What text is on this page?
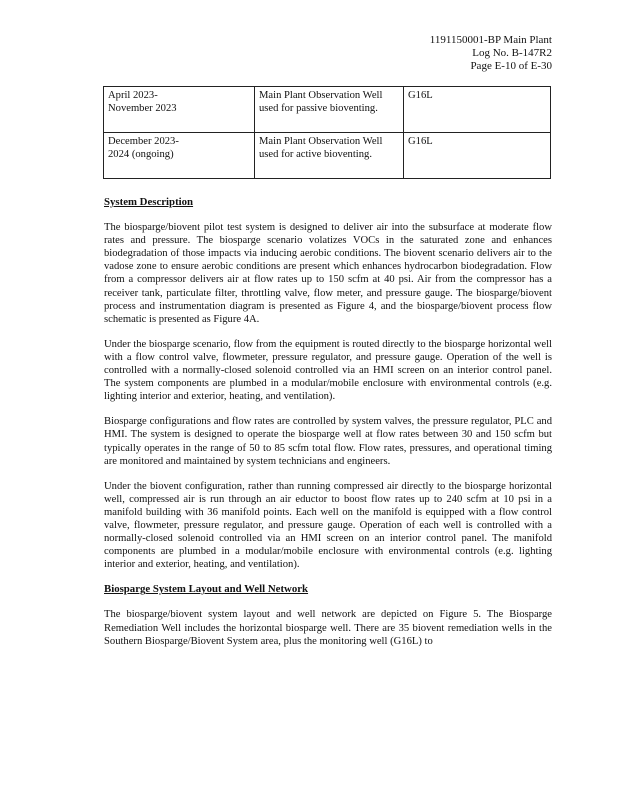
1191150001-BP Main Plant
Log No. B-147R2
Page E-10 of E-30
April 2023-
November 2023	Main Plant Observation Well used for passive bioventing.	G16L
December 2023-
2024 (ongoing)	Main Plant Observation Well used for active bioventing.	G16L
System Description

The biosparge/biovent pilot test system is designed to deliver air into the subsurface at moderate flow rates and pressure. The biosparge scenario volatizes VOCs in the saturated zone and enhances biodegradation of those impacts via inducing aerobic conditions. The biovent scenario delivers air to the vadose zone to ensure aerobic conditions are present which enhances hydrocarbon biodegradation. Flow from a compressor delivers air at flow rates up to 150 scfm at 40 psi. Air from the compressor has a receiver tank, particulate filter, throttling valve, flow meter, and pressure gauge. The biosparge/biovent process and instrumentation diagram is presented as Figure 4, and the biosparge/biovent process flow schematic is presented as Figure 4A.

Under the biosparge scenario, flow from the equipment is routed directly to the biosparge horizontal well with a flow control valve, flowmeter, pressure regulator, and pressure gauge. Operation of the well is controlled with a normally-closed solenoid controlled via an HMI screen on an interior control panel. The system components are plumbed in a modular/mobile enclosure with environmental controls (e.g. lighting interior and exterior, heating, and ventilation).

Biosparge configurations and flow rates are controlled by system valves, the pressure regulator, PLC and HMI. The system is designed to operate the biosparge well at flow rates between 30 and 150 scfm but typically operates in the range of 50 to 85 scfm total flow. Flow rates, pressures, and operational timing are monitored and maintained by system technicians and engineers.

Under the biovent configuration, rather than running compressed air directly to the biosparge horizontal well, compressed air is run through an air eductor to boost flow rates up to 240 scfm at 10 psi in a manifold building with 36 manifold points. Each well on the manifold is equipped with a flow control valve, flowmeter, pressure regulator, and pressure gauge. Operation of each well is controlled with a normally-closed solenoid controlled via an HMI screen on an interior control panel. The manifold components are plumbed in a modular/mobile enclosure with environmental controls (e.g. lighting interior and exterior, heating, and ventilation).

Biosparge System Layout and Well Network

The biosparge/biovent system layout and well network are depicted on Figure 5. The Biosparge Remediation Well includes the horizontal biosparge well. There are 35 biovent remediation wells in the Southern Biosparge/Biovent System area, plus the monitoring well (G16L) to
